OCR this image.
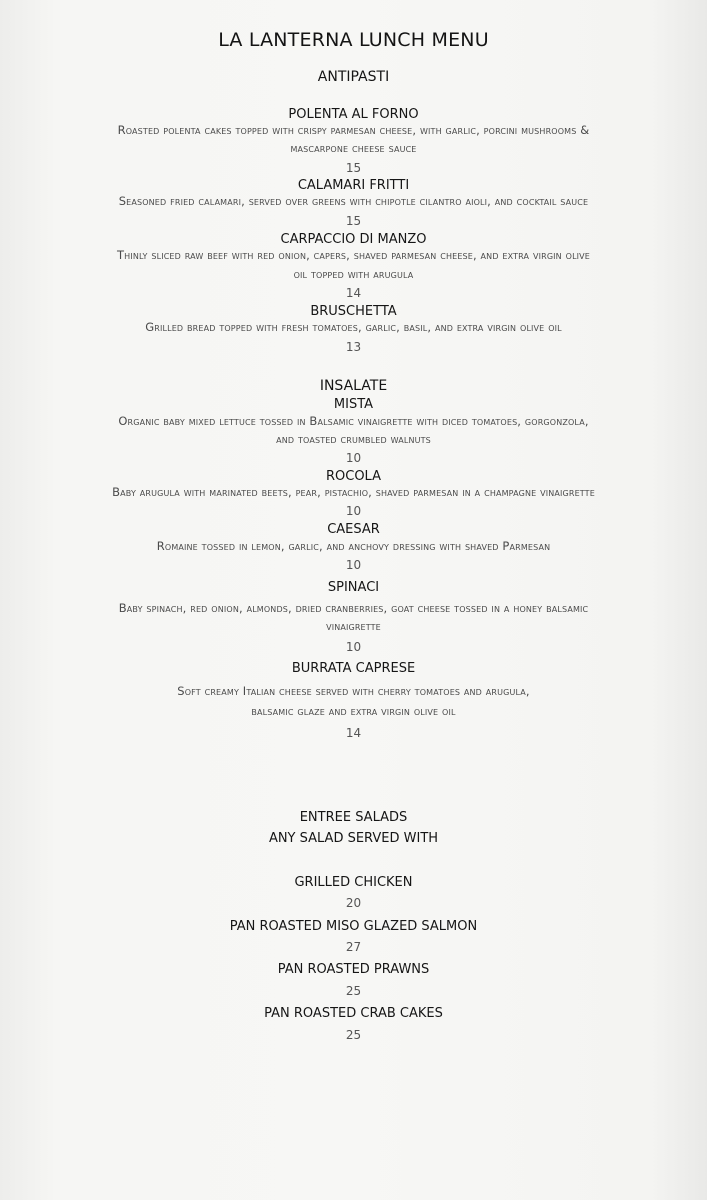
LA LANTERNA LUNCH MENU
ANTIPASTI
POLENTA AL FORNO
Roasted polenta cakes topped with crispy parmesan cheese, with garlic, porcini mushrooms &
mascarpone cheese sauce
15
CALAMARI FRITTI
Seasoned fried calamari, served over greens with chipotle cilantro aioli, and cocktail sauce
15
CARPACCIO DI MANZO
Thinly sliced raw beef with red onion, capers, shaved parmesan cheese, and extra virgin olive
oil topped with arugula
14
BRUSCHETTA
Grilled bread topped with fresh tomatoes, garlic, basil, and extra virgin olive oil
13
INSALATE
MISTA
Organic baby mixed lettuce tossed in Balsamic vinaigrette with diced tomatoes, gorgonzola,
and toasted crumbled walnuts
10
ROCOLA
Baby arugula with marinated beets, pear, pistachio, shaved parmesan in a champagne vinaigrette
10
CAESAR
Romaine tossed in lemon, garlic, and anchovy dressing with shaved Parmesan
10
SPINACI
Baby spinach, red onion, almonds, dried cranberries, goat cheese tossed in a honey balsamic
vinaigrette
10
BURRATA CAPRESE
Soft creamy Italian cheese served with cherry tomatoes and arugula,
balsamic glaze and extra virgin olive oil
14
ENTREE SALADS
ANY SALAD SERVED WITH
GRILLED CHICKEN
20
PAN ROASTED MISO GLAZED SALMON
27
PAN ROASTED PRAWNS
25
PAN ROASTED CRAB CAKES
25
